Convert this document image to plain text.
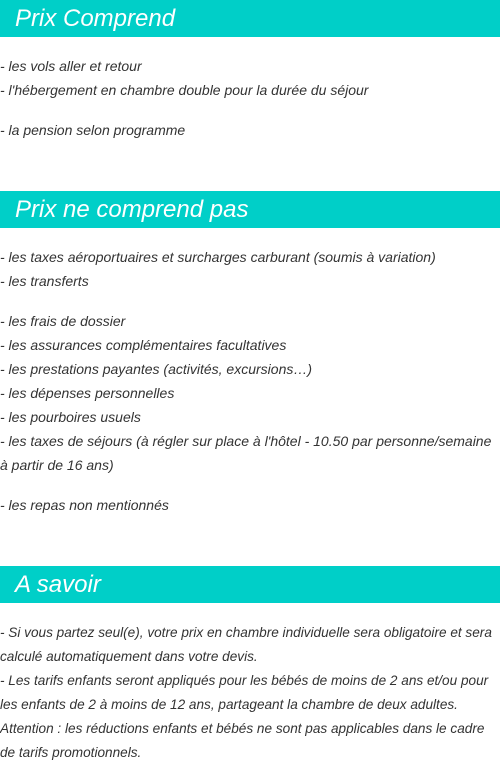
Prix Comprend

- les vols aller et retour

- l'hébergement en chambre double pour la durée du séjour

- la pension selon programme

Prix ne comprend pas

- les taxes aéroportuaires et surcharges carburant (soumis à variation)

- les transferts

- les frais de dossier

- les assurances complémentaires facultatives

- les prestations payantes (activités, excursions…)

- les dépenses personnelles

- les pourboires usuels

- les taxes de séjours (à régler sur place à l'hôtel - 10.50 par personne/semaine à partir de 16 ans)

- les repas non mentionnés

A savoir

- Si vous partez seul(e), votre prix en chambre individuelle sera obligatoire et sera calculé automatiquement dans votre devis.

- Les tarifs enfants seront appliqués pour les bébés de moins de 2 ans et/ou pour les enfants de 2 à moins de 12 ans, partageant la chambre de deux adultes.

Attention : les réductions enfants et bébés ne sont pas applicables dans le cadre de tarifs promotionnels.
